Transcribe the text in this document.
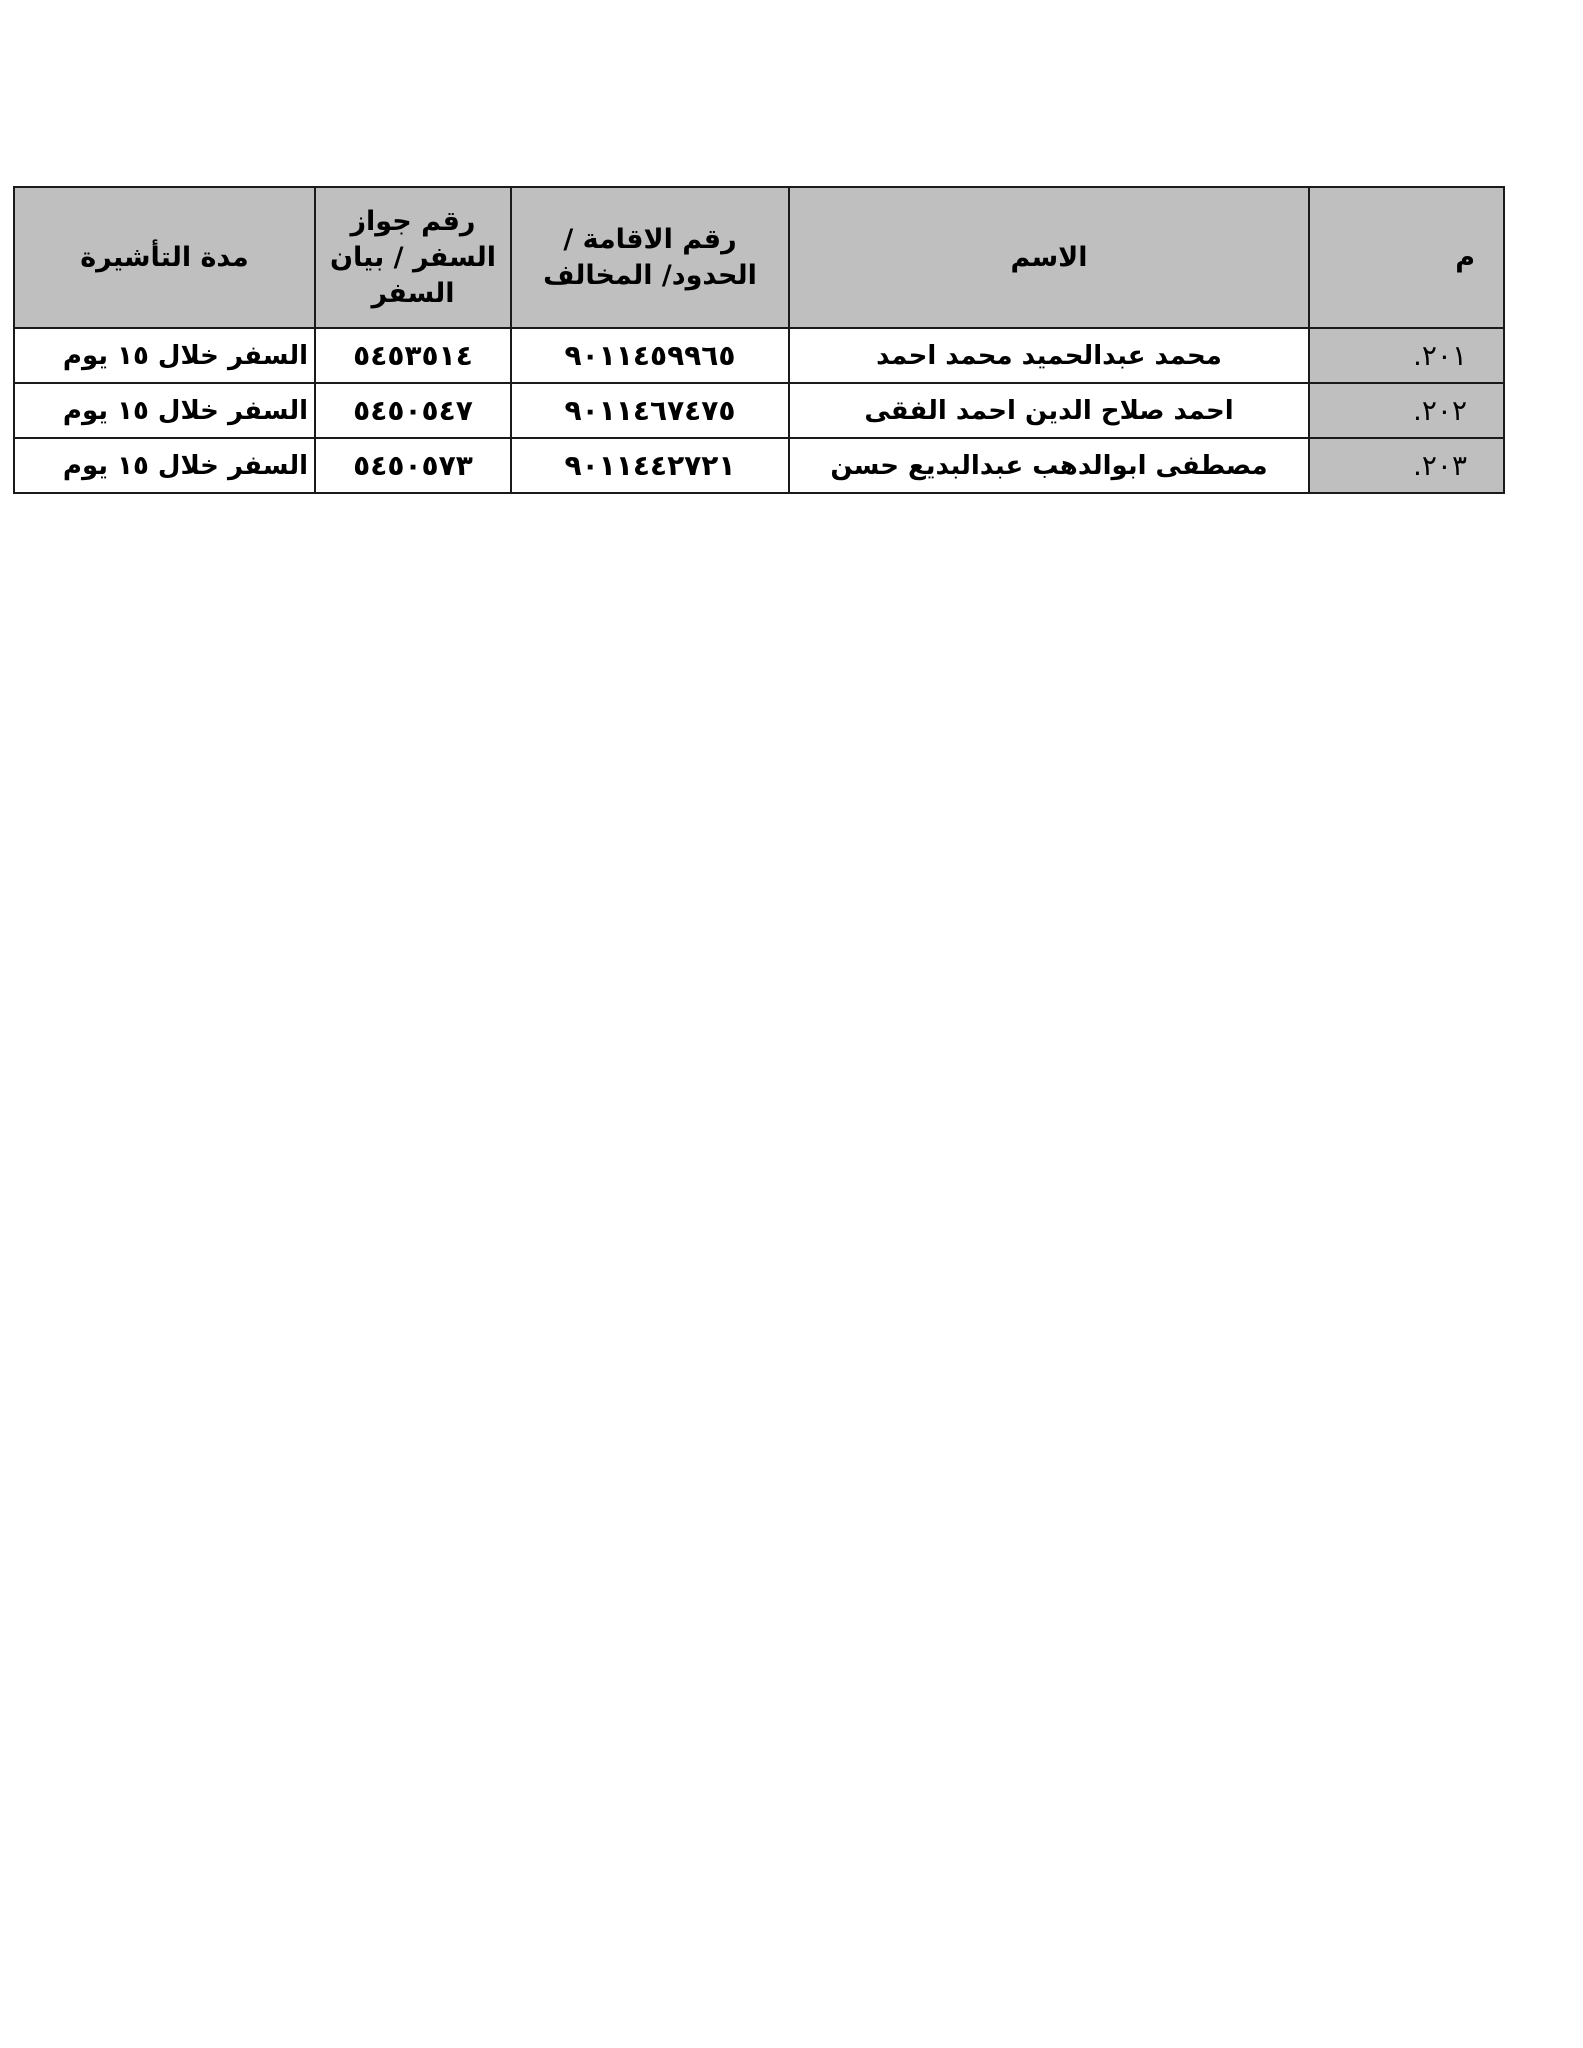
م	الاسم	رقم الاقامة / الحدود/ المخالف	رقم جواز السفر / بيان السفر	مدة التأشيرة
٢٠١.	محمد عبدالحميد محمد احمد	٩٠١١٤٥٩٩٦٥	٥٤٥٣٥١٤	السفر خلال ١٥ يوم
٢٠٢.	احمد صلاح الدين احمد الفقى	٩٠١١٤٦٧٤٧٥	٥٤٥٠٥٤٧	السفر خلال ١٥ يوم
٢٠٣.	مصطفى ابوالدهب عبدالبديع حسن	٩٠١١٤٤٢٧٢١	٥٤٥٠٥٧٣	السفر خلال ١٥ يوم
